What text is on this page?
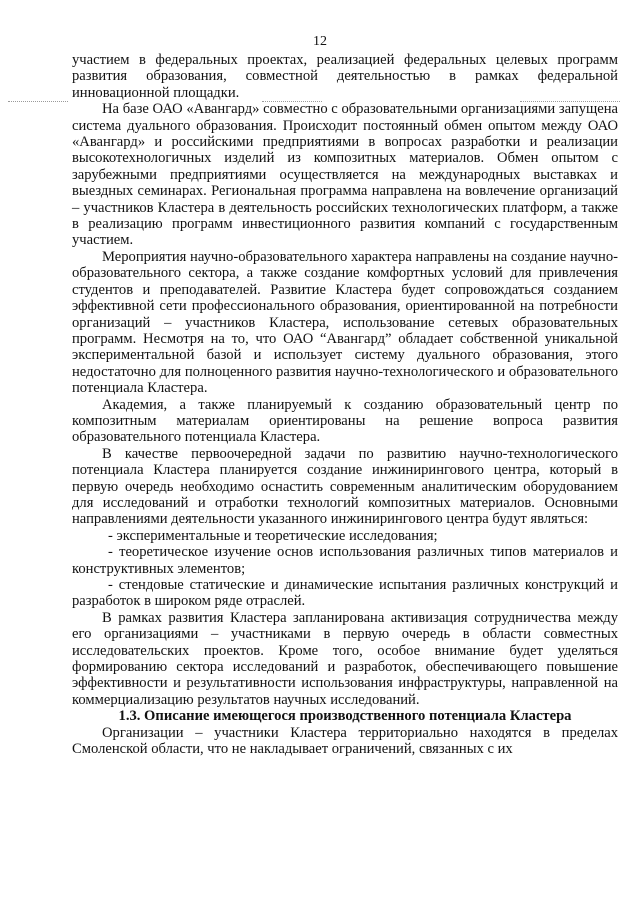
12

участием в федеральных проектах, реализацией федеральных целевых программ развития образования, совместной деятельностью в рамках федеральной инновационной площадки.

На базе ОАО «Авангард» совместно с образовательными организациями запущена система дуального образования. Происходит постоянный обмен опытом между ОАО «Авангард» и российскими предприятиями в вопросах разработки и реализации высокотехнологичных изделий из композитных материалов. Обмен опытом с зарубежными предприятиями осуществляется на международных выставках и выездных семинарах. Региональная программа направлена на вовлечение организаций – участников Кластера в деятельность российских технологических платформ, а также в реализацию программ инвестиционного развития компаний с государственным участием.

Мероприятия научно-образовательного характера направлены на создание научно-образовательного сектора, а также создание комфортных условий для привлечения студентов и преподавателей. Развитие Кластера будет сопровождаться созданием эффективной сети профессионального образования, ориентированной на потребности организаций – участников Кластера, использование сетевых образовательных программ. Несмотря на то, что ОАО “Авангард” обладает собственной уникальной экспериментальной базой и использует систему дуального образования, этого недостаточно для полноценного развития научно-технологического и образовательного потенциала Кластера.

Академия, а также планируемый к созданию образовательный центр по композитным материалам ориентированы на решение вопроса развития образовательного потенциала Кластера.

В качестве первоочередной задачи по развитию научно-технологического потенциала Кластера планируется создание инжинирингового центра, который в первую очередь необходимо оснастить современным аналитическим оборудованием для исследований и отработки технологий композитных материалов. Основными направлениями деятельности указанного инжинирингового центра будут являться:

- экспериментальные и теоретические исследования;

- теоретическое изучение основ использования различных типов материалов и конструктивных элементов;

- стендовые статические и динамические испытания различных конструкций и разработок в широком ряде отраслей.

В рамках развития Кластера запланирована активизация сотрудничества между его организациями – участниками в первую очередь в области совместных исследовательских проектов. Кроме того, особое внимание будет уделяться формированию сектора исследований и разработок, обеспечивающего повышение эффективности и результативности использования инфраструктуры, направленной на коммерциализацию результатов научных исследований.

1.3. Описание имеющегося производственного потенциала Кластера

Организации – участники Кластера территориально находятся в пределах Смоленской области, что не накладывает ограничений, связанных с их
